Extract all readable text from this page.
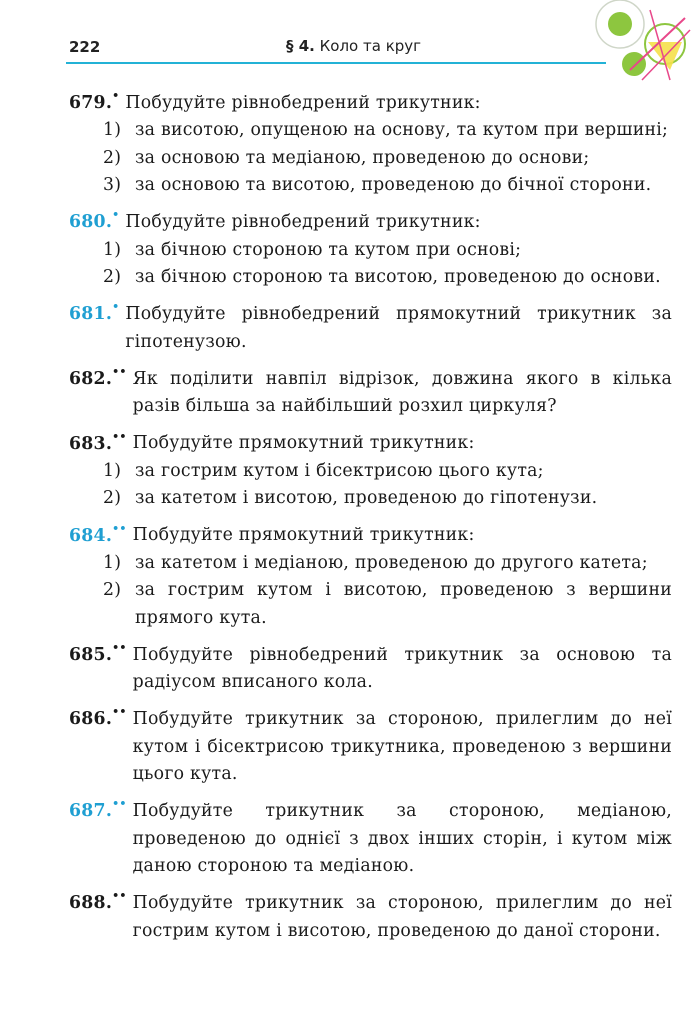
222	§ 4. Коло та круг
679.• Побудуйте рівнобедрений трикутник:
1) за висотою, опущеною на основу, та кутом при вершині;
2) за основою та медіаною, проведеною до основи;
3) за основою та висотою, проведеною до бічної сторони.
680.• Побудуйте рівнобедрений трикутник:
1) за бічною стороною та кутом при основі;
2) за бічною стороною та висотою, проведеною до основи.
681.• Побудуйте рівнобедрений прямокутний трикутник за гіпотенузою.
682.•• Як поділити навпіл відрізок, довжина якого в кілька разів більша за найбільший розхил циркуля?
683.•• Побудуйте прямокутний трикутник:
1) за гострим кутом і бісектрисою цього кута;
2) за катетом і висотою, проведеною до гіпотенузи.
684.•• Побудуйте прямокутний трикутник:
1) за катетом і медіаною, проведеною до другого катета;
2) за гострим кутом і висотою, проведеною з вершини прямого кута.
685.•• Побудуйте рівнобедрений трикутник за основою та радіусом вписаного кола.
686.•• Побудуйте трикутник за стороною, прилеглим до неї кутом і бісектрисою трикутника, проведеною з вершини цього кута.
687.•• Побудуйте трикутник за стороною, медіаною, проведеною до однієї з двох інших сторін, і кутом між даною стороною та медіаною.
688.•• Побудуйте трикутник за стороною, прилеглим до неї гострим кутом і висотою, проведеною до даної сторони.
